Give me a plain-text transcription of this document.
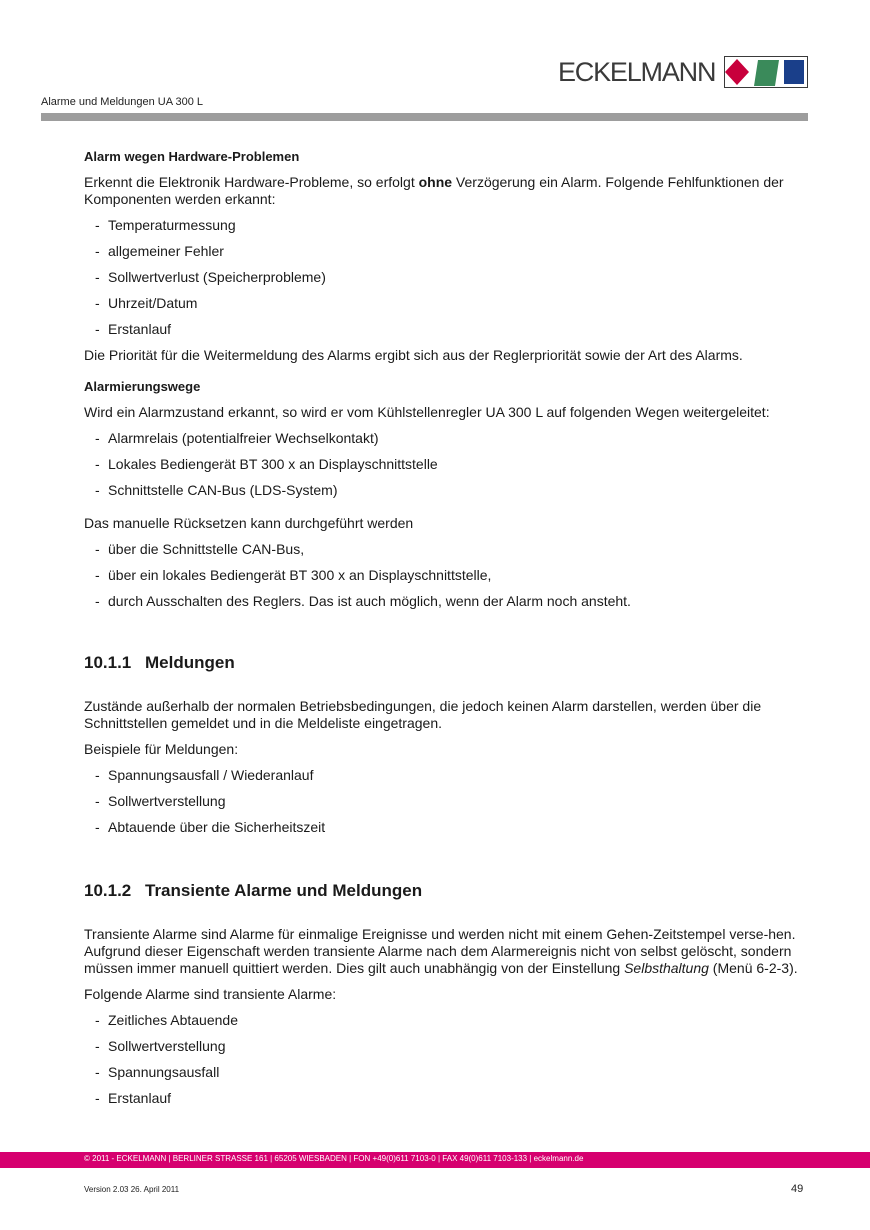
Alarme und Meldungen UA 300 L
ECKELMANN

Alarm wegen Hardware-Problemen

Erkennt die Elektronik Hardware-Probleme, so erfolgt ohne Verzögerung ein Alarm. Folgende Fehlfunktionen der Komponenten werden erkannt:

- Temperaturmessung

- allgemeiner Fehler

- Sollwertverlust (Speicherprobleme)

- Uhrzeit/Datum

- Erstanlauf

Die Priorität für die Weitermeldung des Alarms ergibt sich aus der Reglerpriorität sowie der Art des Alarms.

Alarmierungswege

Wird ein Alarmzustand erkannt, so wird er vom Kühlstellenregler UA 300 L auf folgenden Wegen weitergeleitet:

- Alarmrelais (potentialfreier Wechselkontakt)

- Lokales Bediengerät BT 300 x an Displayschnittstelle

- Schnittstelle CAN-Bus (LDS-System)

Das manuelle Rücksetzen kann durchgeführt werden

- über die Schnittstelle CAN-Bus,

- über ein lokales Bediengerät BT 300 x an Displayschnittstelle,

- durch Ausschalten des Reglers. Das ist auch möglich, wenn der Alarm noch ansteht.

10.1.1 Meldungen

Zustände außerhalb der normalen Betriebsbedingungen, die jedoch keinen Alarm darstellen, werden über die Schnittstellen gemeldet und in die Meldeliste eingetragen.

Beispiele für Meldungen:

- Spannungsausfall / Wiederanlauf

- Sollwertverstellung

- Abtauende über die Sicherheitszeit

10.1.2 Transiente Alarme und Meldungen

Transiente Alarme sind Alarme für einmalige Ereignisse und werden nicht mit einem Gehen-Zeitstempel verse-hen. Aufgrund dieser Eigenschaft werden transiente Alarme nach dem Alarmereignis nicht von selbst gelöscht, sondern müssen immer manuell quittiert werden. Dies gilt auch unabhängig von der Einstellung Selbsthaltung (Menü 6-2-3).

Folgende Alarme sind transiente Alarme:

- Zeitliches Abtauende

- Sollwertverstellung

- Spannungsausfall

- Erstanlauf

© 2011 - ECKELMANN | BERLINER STRASSE 161 | 65205 WIESBADEN | FON +49(0)611 7103-0 | FAX 49(0)611 7103-133 | eckelmann.de
Version 2.03 26. April 2011	49
